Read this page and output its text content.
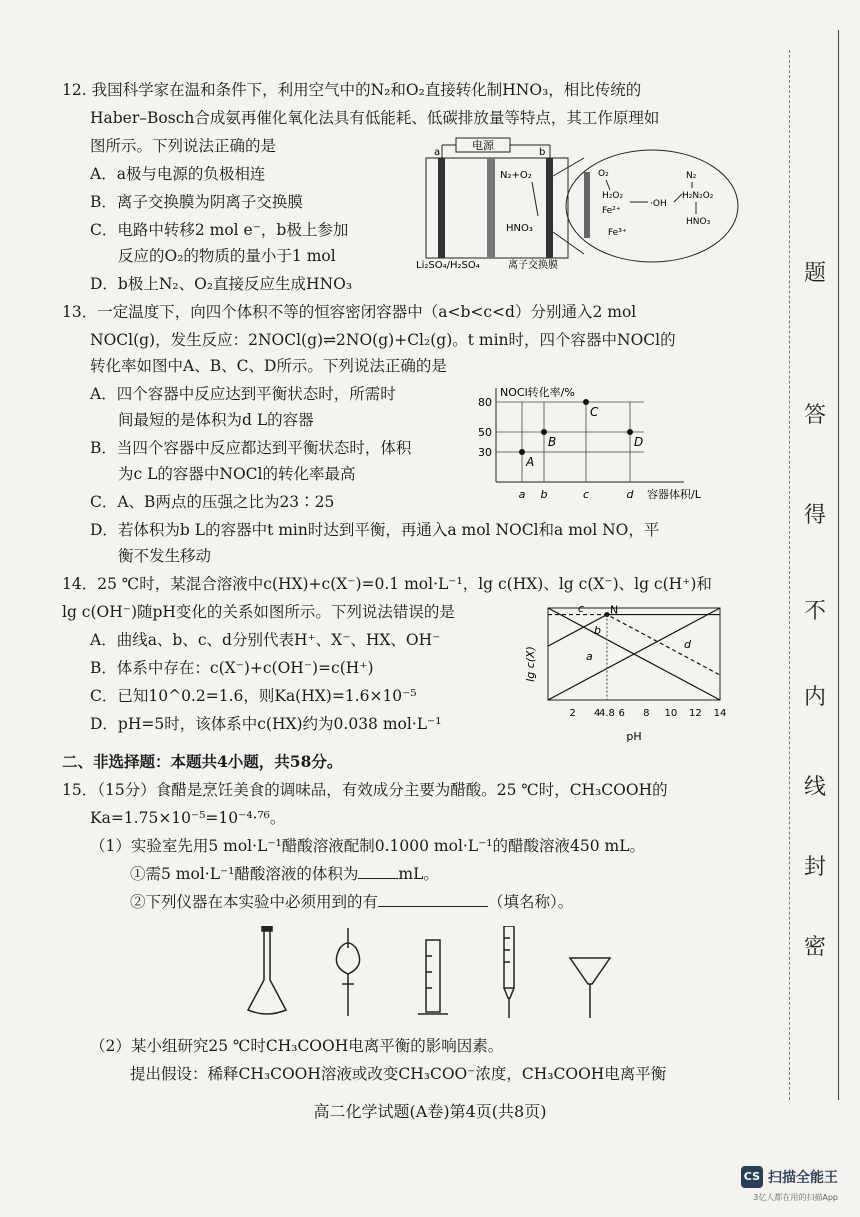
12. 我国科学家在温和条件下，利用空气中的N₂和O₂直接转化制HNO₃，相比传统的
Haber–Bosch合成氨再催化氧化法具有低能耗、低碳排放量等特点，其工作原理如
图所示。下列说法正确的是
A．a极与电源的负极相连
B．离子交换膜为阴离子交换膜
C．电路中转移2 mol e⁻，b极上参加
反应的O₂的物质的量小于1 mol
D．b极上N₂、O₂直接反应生成HNO₃
电源
a	b
N₂+O₂
HNO₃
Li₂SO₄/H₂SO₄	离子交换膜
O₂
H₂O₂
Fe²⁺
·OH
Fe³⁺
N₂
H₂N₂O₂
HNO₃
13．一定温度下，向四个体积不等的恒容密闭容器中（a<b<c<d）分别通入2 mol
NOCl(g)，发生反应：2NOCl(g)⇌2NO(g)+Cl₂(g)。t min时，四个容器中NOCl的
转化率如图中A、B、C、D所示。下列说法正确的是
A．四个容器中反应达到平衡状态时，所需时
间最短的是体积为d L的容器
B．当四个容器中反应都达到平衡状态时，体积
为c L的容器中NOCl的转化率最高
C．A、B两点的压强之比为23∶25
D．若体积为b L的容器中t min时达到平衡，再通入a mol NOCl和a mol NO，平
衡不发生移动
NOCl转化率/%
容器体积/L
30
50
80
a b	c	d
A
B
C
D
14．25 ℃时，某混合溶液中c(HX)+c(X⁻)=0.1 mol·L⁻¹，lg c(HX)、lg c(X⁻)、lg c(H⁺)和
lg c(OH⁻)随pH变化的关系如图所示。下列说法错误的是
A．曲线a、b、c、d分别代表H⁺、X⁻、HX、OH⁻
B．体系中存在：c(X⁻)+c(OH⁻)=c(H⁺)
C．已知10^0.2=1.6，则Ka(HX)=1.6×10⁻⁵
D．pH=5时，该体系中c(HX)约为0.038 mol·L⁻¹
lg c(X)
pH
2 4
4.8 6 8 10 12 14
a
b
c
d
N
二、非选择题：本题共4小题，共58分。
15．（15分）食醋是烹饪美食的调味品，有效成分主要为醋酸。25 ℃时，CH₃COOH的
Ka=1.75×10⁻⁵=10⁻⁴·⁷⁶。
（1）实验室先用5 mol·L⁻¹醋酸溶液配制0.1000 mol·L⁻¹的醋酸溶液450 mL。
①需5 mol·L⁻¹醋酸溶液的体积为	mL。
②下列仪器在本实验中必须用到的有	（填名称）。
（2）某小组研究25 ℃时CH₃COOH电离平衡的影响因素。
提出假设：稀释CH₃COOH溶液或改变CH₃COO⁻浓度，CH₃COOH电离平衡
高二化学试题(A卷)第4页(共8页)
题
答
得
不
内
线
封
密
CS 扫描全能王
3亿人都在用的扫描App
